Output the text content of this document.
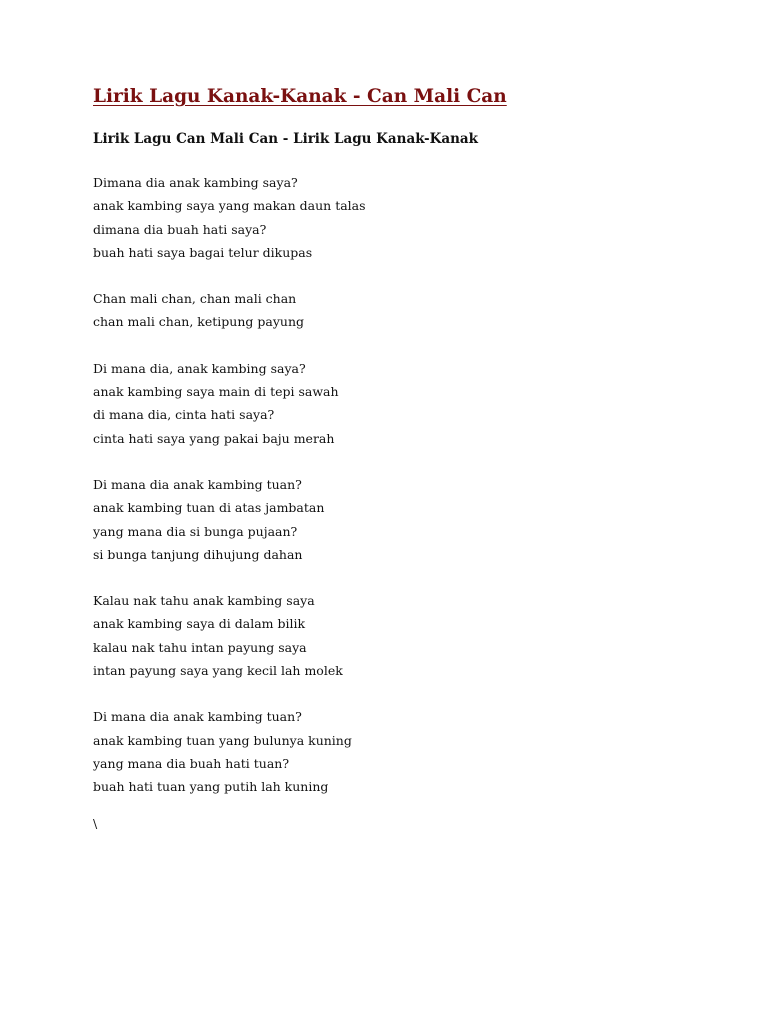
Lirik Lagu Kanak-Kanak - Can Mali Can
Lirik Lagu Can Mali Can - Lirik Lagu Kanak-Kanak
Dimana dia anak kambing saya?
anak kambing saya yang makan daun talas
dimana dia buah hati saya?
buah hati saya bagai telur dikupas
Chan mali chan, chan mali chan
chan mali chan, ketipung payung
Di mana dia, anak kambing saya?
anak kambing saya main di tepi sawah
di mana dia, cinta hati saya?
cinta hati saya yang pakai baju merah
Di mana dia anak kambing tuan?
anak kambing tuan di atas jambatan
yang mana dia si bunga pujaan?
si bunga tanjung dihujung dahan
Kalau nak tahu anak kambing saya
anak kambing saya di dalam bilik
kalau nak tahu intan payung saya
intan payung saya yang kecil lah molek
Di mana dia anak kambing tuan?
anak kambing tuan yang bulunya kuning
yang mana dia buah hati tuan?
buah hati tuan yang putih lah kuning
\
